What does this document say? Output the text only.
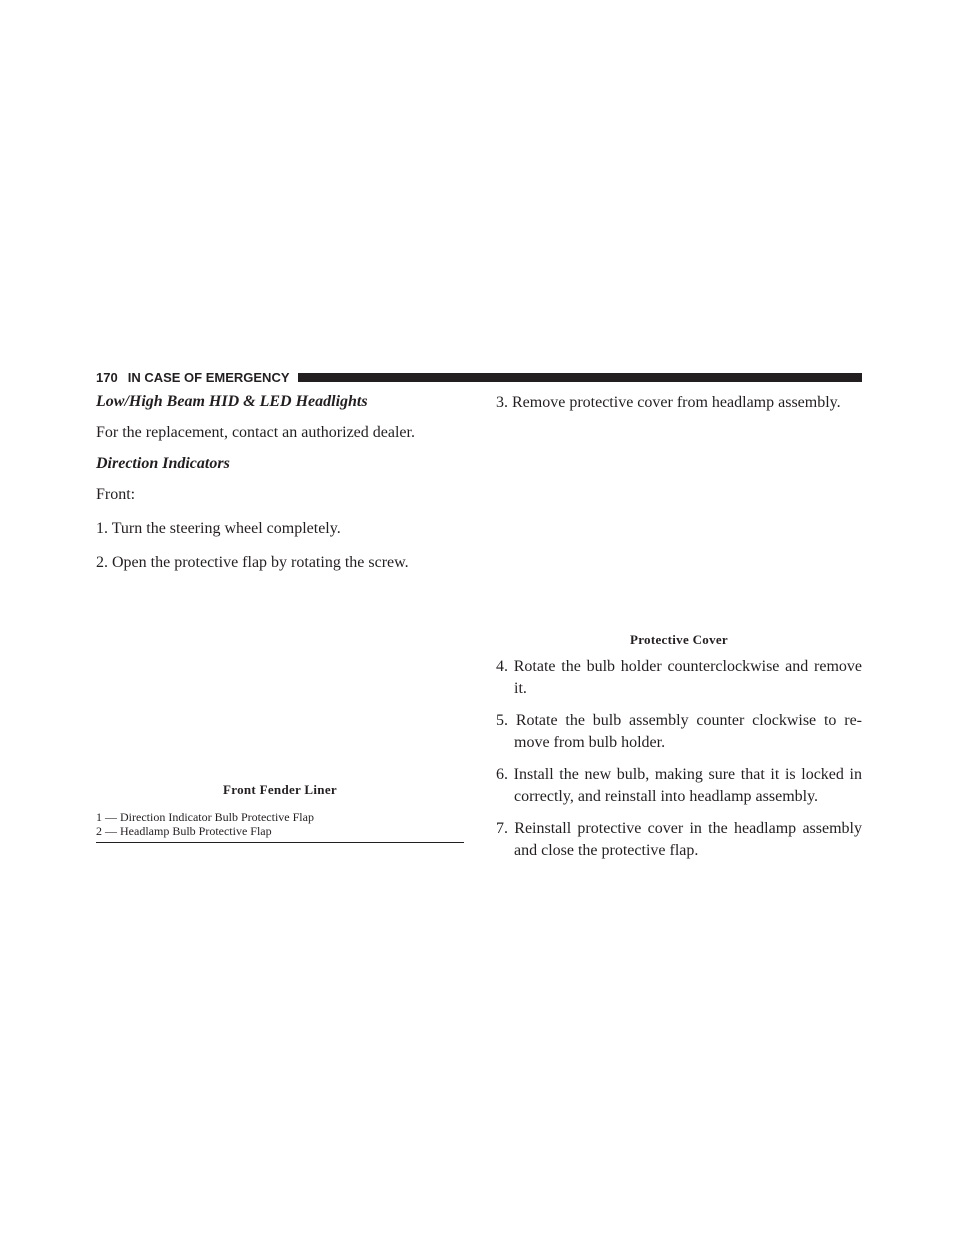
170 IN CASE OF EMERGENCY

Low/High Beam HID & LED Headlights

For the replacement, contact an authorized dealer.

Direction Indicators

Front:

1. Turn the steering wheel completely.

2. Open the protective flap by rotating the screw.

Front Fender Liner
1 — Direction Indicator Bulb Protective Flap
2 — Headlamp Bulb Protective Flap

3. Remove protective cover from headlamp assembly.

Protective Cover

4. Rotate the bulb holder counterclockwise and remove it.

5. Rotate the bulb assembly counter clockwise to re-move from bulb holder.

6. Install the new bulb, making sure that it is locked in correctly, and reinstall into headlamp assembly.

7. Reinstall protective cover in the headlamp assembly and close the protective flap.
